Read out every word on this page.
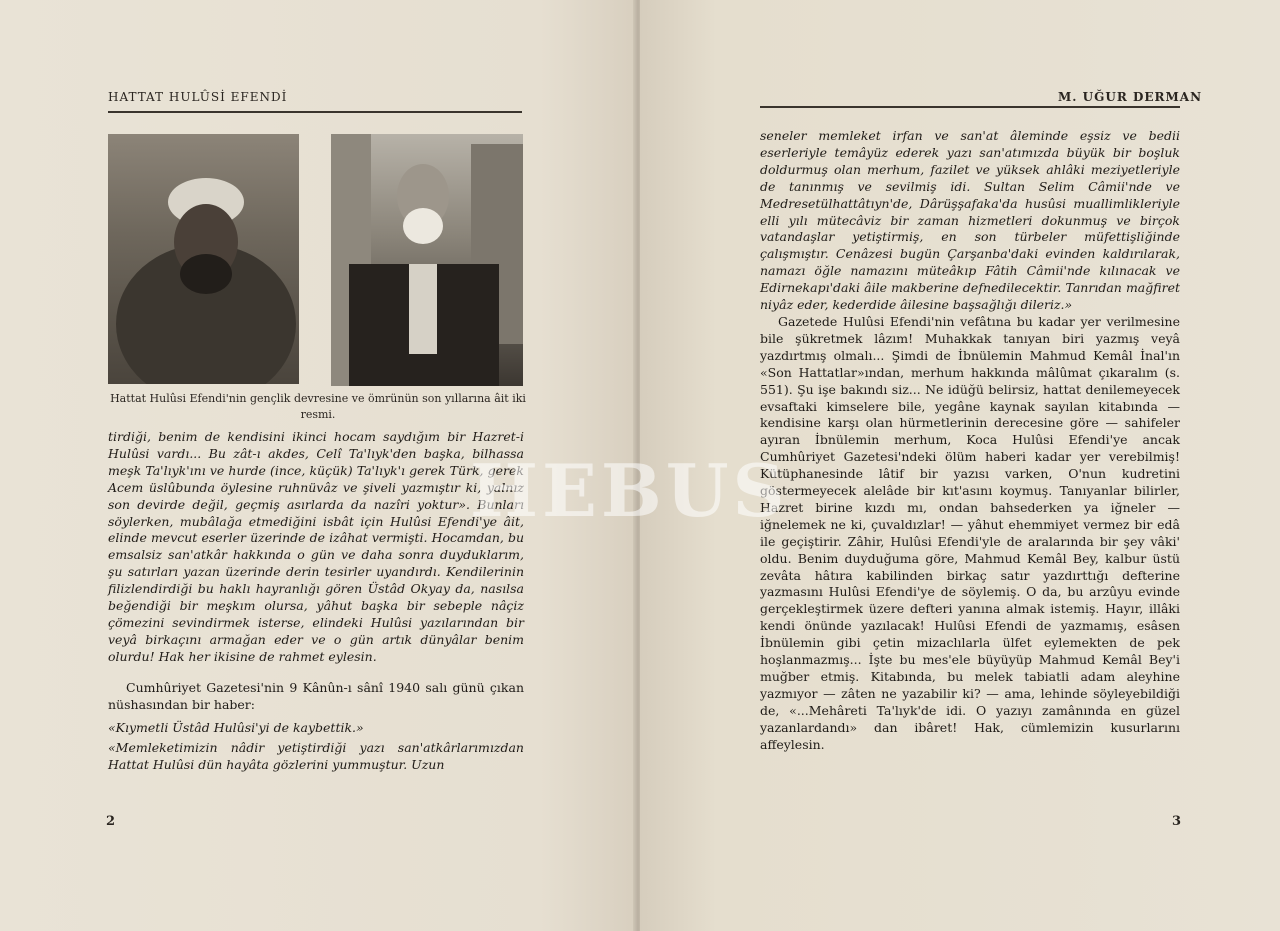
HATTAT HULÛSİ EFENDİ
Hattat Hulûsi Efendi'nin gençlik devresine ve ömrünün son yıllarına âit iki resmi.

tirdiği, benim de kendisini ikinci hocam saydığım bir Hazret-i Hulûsi vardı... Bu zât-ı akdes, Celî Ta'lıyk'den başka, bilhassa meşk Ta'lıyk'ını ve hurde (ince, küçük) Ta'lıyk'ı gerek Türk, gerek Acem üslûbunda öylesine ruhnüvâz ve şiveli yazmıştır ki, yalnız son devirde değil, geçmiş asırlarda da nazîri yoktur». Bunları söylerken, mubâlağa etmediğini isbât için Hulûsi Efendi'ye âit, elinde mevcut eserler üzerinde de izâhat vermişti. Hocamdan, bu emsalsiz san'atkâr hakkında o gün ve daha sonra duyduklarım, şu satırları yazan üzerinde derin tesirler uyandırdı. Kendilerinin filizlendirdiği bu haklı hayranlığı gören Üstâd Okyay da, nasılsa beğendiği bir meşkım olursa, yâhut başka bir sebeple nâçiz çömezini sevindirmek isterse, elindeki Hulûsi yazılarından bir veyâ birkaçını armağan eder ve o gün artık dünyâlar benim olurdu! Hak her ikisine de rahmet eylesin.

Cumhûriyet Gazetesi'nin 9 Kânûn-ı sânî 1940 salı günü çıkan nüshasından bir haber:

«Kıymetli Üstâd Hulûsi'yi de kaybettik.»

«Memleketimizin nâdir yetiştirdiği yazı san'atkârlarımızdan Hattat Hulûsi dün hayâta gözlerini yummuştur. Uzun

2
M. UĞUR DERMAN

seneler memleket irfan ve san'at âleminde eşsiz ve bedii eserleriyle temâyüz ederek yazı san'atımızda büyük bir boşluk doldurmuş olan merhum, fazilet ve yüksek ahlâki meziyetleriyle de tanınmış ve sevilmiş idi. Sultan Selim Câmii'nde ve Medresetülhattâtıyn'de, Dârüşşafaka'da husûsi muallimlikleriyle elli yılı mütecâviz bir zaman hizmetleri dokunmuş ve birçok vatandaşlar yetiştirmiş, en son türbeler müfettişliğinde çalışmıştır. Cenâzesi bugün Çarşanba'daki evinden kaldırılarak, namazı öğle namazını müteâkıp Fâtih Câmii'nde kılınacak ve Edirnekapı'daki âile makberine defnedilecektir. Tanrıdan mağfiret niyâz eder, kederdide âilesine başsağlığı dileriz.»

Gazetede Hulûsi Efendi'nin vefâtına bu kadar yer verilmesine bile şükretmek lâzım! Muhakkak tanıyan biri yazmış veyâ yazdırtmış olmalı... Şimdi de İbnülemin Mahmud Kemâl İnal'ın «Son Hattatlar»ından, merhum hakkında mâlûmat çıkaralım (s. 551). Şu işe bakındı siz... Ne idüğü belirsiz, hattat denilemeyecek evsaftaki kimselere bile, yegâne kaynak sayılan kitabında — kendisine karşı olan hürmetlerinin derecesine göre — sahifeler ayıran İbnülemin merhum, Koca Hulûsi Efendi'ye ancak Cumhûriyet Gazetesi'ndeki ölüm haberi kadar yer verebilmiş! Kütüphanesinde lâtif bir yazısı varken, O'nun kudretini göstermeyecek alelâde bir kıt'asını koymuş. Tanıyanlar bilirler, Hazret birine kızdı mı, ondan bahsederken ya iğneler — iğnelemek ne ki, çuvaldızlar! — yâhut ehemmiyet vermez bir edâ ile geçiştirir. Zâhir, Hulûsi Efendi'yle de aralarında bir şey vâki' oldu. Benim duyduğuma göre, Mahmud Kemâl Bey, kalbur üstü zevâta hâtıra kabilinden birkaç satır yazdırttığı defterine yazmasını Hulûsi Efendi'ye de söylemiş. O da, bu arzûyu evinde gerçekleştirmek üzere defteri yanına almak istemiş. Hayır, illâki kendi önünde yazılacak! Hulûsi Efendi de yazmamış, esâsen İbnülemin gibi çetin mizaclılarla ülfet eylemekten de pek hoşlanmazmış... İşte bu mes'ele büyüyüp Mahmud Kemâl Bey'i muğber etmiş. Kitabında, bu melek tabiatli adam aleyhine yazmıyor — zâten ne yazabilir ki? — ama, lehinde söyleyebildiği de, «...Mehâreti Ta'lıyk'de idi. O yazıyı zamânında en güzel yazanlardandı» dan ibâret! Hak, cümlemizin kusurlarını affeylesin.

3
HEBUS
